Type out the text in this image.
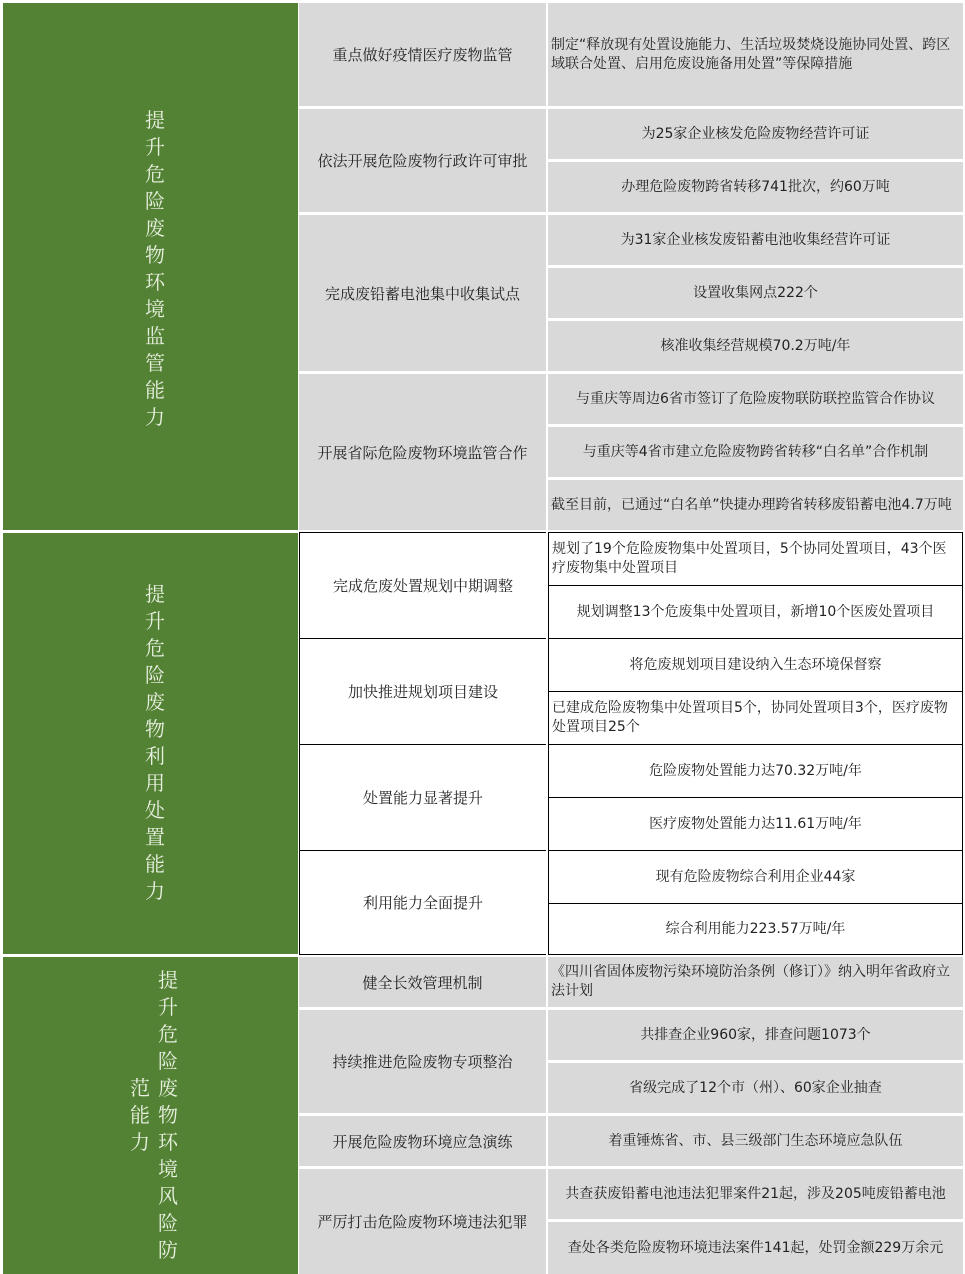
提
升
危
险
废
物
环
境
监
管
能
力
重点做好疫情医疗废物监管
制定“释放现有处置设施能力、生活垃圾焚烧设施协同处置、跨区域联合处置、启用危废设施备用处置”等保障措施
依法开展危险废物行政许可审批
为25家企业核发危险废物经营许可证
办理危险废物跨省转移741批次，约60万吨
完成废铅蓄电池集中收集试点
为31家企业核发废铅蓄电池收集经营许可证
设置收集网点222个
核准收集经营规模70.2万吨/年
开展省际危险废物环境监管合作
与重庆等周边6省市签订了危险废物联防联控监管合作协议
与重庆等4省市建立危险废物跨省转移“白名单”合作机制
截至目前，已通过“白名单”快捷办理跨省转移废铅蓄电池4.7万吨
提
升
危
险
废
物
利
用
处
置
能
力
完成危废处置规划中期调整
规划了19个危险废物集中处置项目，5个协同处置项目，43个医疗废物集中处置项目
规划调整13个危废集中处置项目，新增10个医废处置项目
加快推进规划项目建设
将危废规划项目建设纳入生态环境保督察
已建成危险废物集中处置项目5个，协同处置项目3个，医疗废物处置项目25个
处置能力显著提升
危险废物处置能力达70.32万吨/年
医疗废物处置能力达11.61万吨/年
利用能力全面提升
现有危险废物综合利用企业44家
综合利用能力223.57万吨/年
提
升
危
险
废
物
环
境
风
险
防
范
能
力
健全长效管理机制
《四川省固体废物污染环境防治条例（修订）》纳入明年省政府立法计划
持续推进危险废物专项整治
共排查企业960家，排查问题1073个
省级完成了12个市（州）、60家企业抽查
开展危险废物环境应急演练	着重锤炼省、市、县三级部门生态环境应急队伍
严厉打击危险废物环境违法犯罪
共查获废铅蓄电池违法犯罪案件21起，涉及205吨废铅蓄电池
查处各类危险废物环境违法案件141起，处罚金额229万余元
